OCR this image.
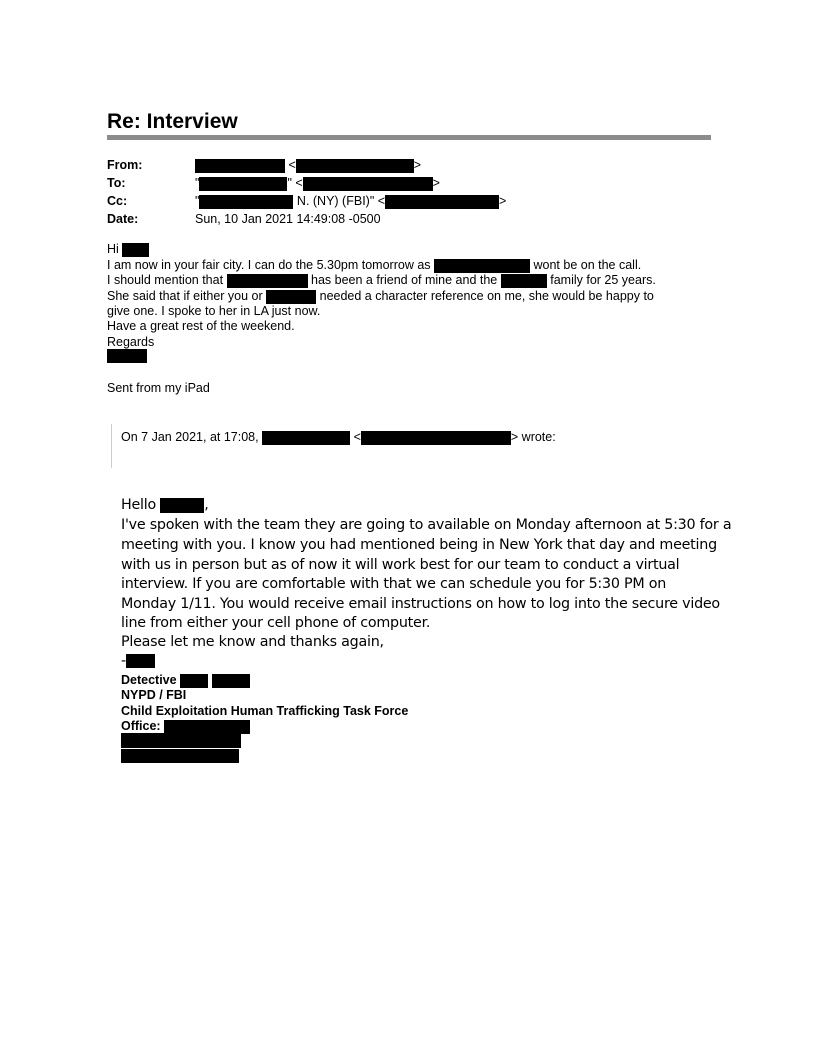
Re: Interview
From:	<	>
To:	"	" <	>
Cc:	"	N. (NY) (FBI)" <	>
Date:	Sun, 10 Jan 2021 14:49:08 -0500
Hi
I am now in your fair city. I can do the 5.30pm tomorrow as	wont be on the call.
I should mention that	has been a friend of mine and the	family for 25 years.
She said that if either you or	needed a character reference on me, she would be happy to
give one. I spoke to her in LA just now.
Have a great rest of the weekend.
Regards
Sent from my iPad
On 7 Jan 2021, at 17:08,	<	> wrote:
Hello	,
I've spoken with the team they are going to available on Monday afternoon at 5:30 for a
meeting with you. I know you had mentioned being in New York that day and meeting
with us in person but as of now it will work best for our team to conduct a virtual
interview. If you are comfortable with that we can schedule you for 5:30 PM on
Monday 1/11. You would receive email instructions on how to log into the secure video
line from either your cell phone of computer.
Please let me know and thanks again,
-
Detective
NYPD / FBI
Child Exploitation Human Trafficking Task Force
Office:
